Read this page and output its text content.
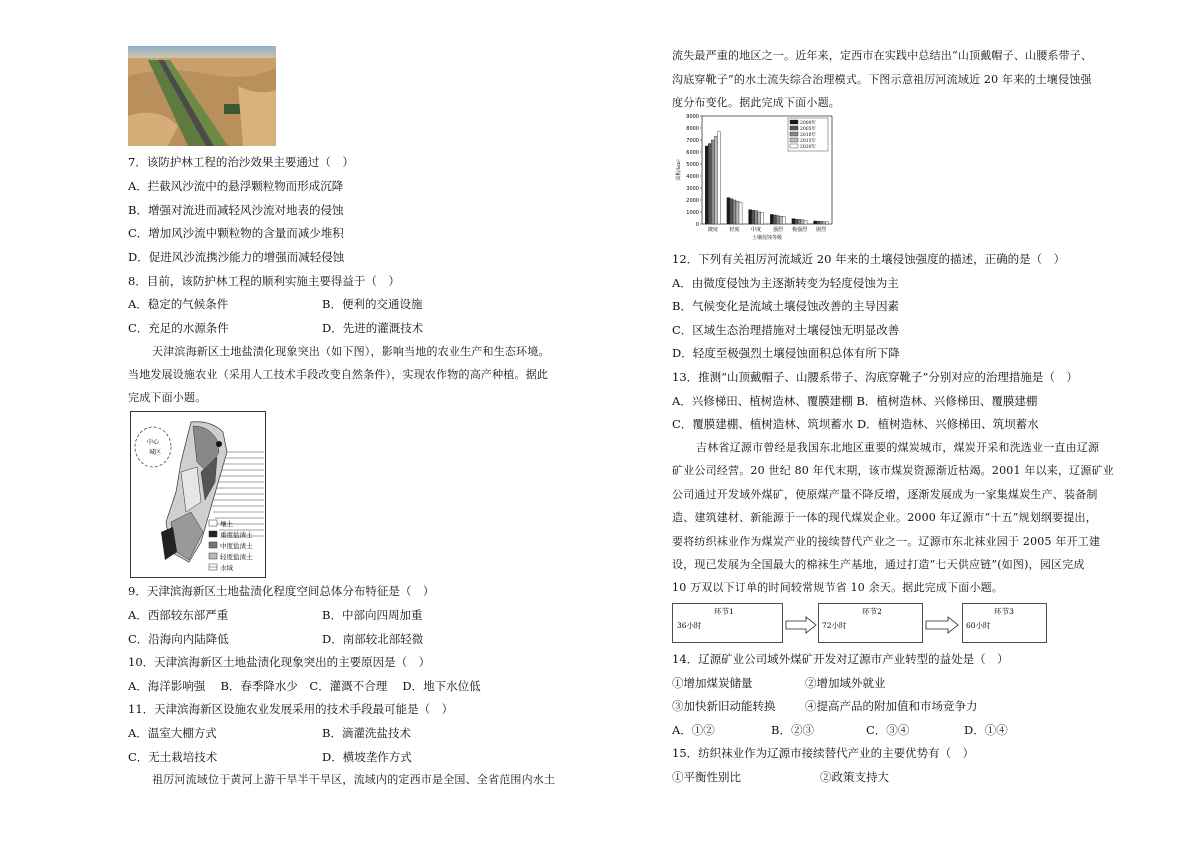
7．该防护林工程的治沙效果主要通过（　）
A．拦截风沙流中的悬浮颗粒物而形成沉降
B．增强对流进而减轻风沙流对地表的侵蚀
C．增加风沙流中颗粒物的含量而减少堆积
D．促进风沙流携沙能力的增强而减轻侵蚀
8．目前，该防护林工程的顺利实施主要得益于（　）
A．稳定的气候条件	B．便利的交通设施
C．充足的水源条件	D．先进的灌溉技术
天津滨海新区土地盐渍化现象突出（如下图），影响当地的农业生产和生态环境。
当地发展设施农业（采用人工技术手段改变自然条件），实现农作物的高产种植。据此
完成下面小题。
中心
城区
壤土
重度盐渍土
中度盐渍土
轻度盐渍土
水域
9．天津滨海新区土地盐渍化程度空间总体分布特征是（　）
A．西部较东部严重	B．中部向四周加重
C．沿海向内陆降低	D．南部较北部轻微
10．天津滨海新区土地盐渍化现象突出的主要原因是（　）
A．海洋影响强　 B．春季降水少　C．灌溉不合理　 D．地下水位低
11．天津滨海新区设施农业发展采用的技术手段最可能是（　）
A．温室大棚方式	B．滴灌洗盐技术
C．无土栽培技术	D．横坡垄作方式
祖厉河流域位于黄河上游干旱半干旱区，流域内的定西市是全国、全省范围内水土
流失最严重的地区之一。近年来，定西市在实践中总结出“山顶戴帽子、山腰系带子、
沟底穿靴子”的水土流失综合治理模式。下图示意祖厉河流域近 20 年来的土壤侵蚀强
度分布变化。据此完成下面小题。
0
1000
2000
3000
4000
5000
6000
7000
8000
9000
面积/km²
微度 轻度 中度 强烈 极强烈 剧烈
土壤侵蚀等级
2000年
2005年
2010年
2015年
2020年
12．下列有关祖厉河流域近 20 年来的土壤侵蚀强度的描述，正确的是（　）
A．由微度侵蚀为主逐渐转变为轻度侵蚀为主
B．气候变化是流域土壤侵蚀改善的主导因素
C．区域生态治理措施对土壤侵蚀无明显改善
D．轻度至极强烈土壤侵蚀面积总体有所下降
13．推测“山顶戴帽子、山腰系带子、沟底穿靴子”分别对应的治理措施是（　）
A．兴修梯田、植树造林、覆膜建棚 B．植树造林、兴修梯田、覆膜建棚
C．覆膜建棚、植树造林、筑坝蓄水 D．植树造林、兴修梯田、筑坝蓄水
吉林省辽源市曾经是我国东北地区重要的煤炭城市，煤炭开采和洗选业一直由辽源
矿业公司经营。20 世纪 80 年代末期，该市煤炭资源渐近枯竭。2001 年以来，辽源矿业
公司通过开发域外煤矿，使原煤产量不降反增，逐渐发展成为一家集煤炭生产、装备制
造、建筑建材、新能源于一体的现代煤炭企业。2000 年辽源市“十五”规划纲要提出，
要将纺织袜业作为煤炭产业的接续替代产业之一。辽源市东北袜业园于 2005 年开工建
设，现已发展为全国最大的棉袜生产基地，通过打造“七天供应链”(如图)，园区完成
10 万双以下订单的时间较常规节省 10 余天。据此完成下面小题。
环节1
36小时
环节2
72小时
环节3
60小时
14．辽源矿业公司域外煤矿开发对辽源市产业转型的益处是（　）
①增加煤炭储量	②增加域外就业
③加快新旧动能转换	④提高产品的附加值和市场竞争力
A．①②	B．②③	C．③④	D．①④
15．纺织袜业作为辽源市接续替代产业的主要优势有（　）
①平衡性别比	②政策支持大
